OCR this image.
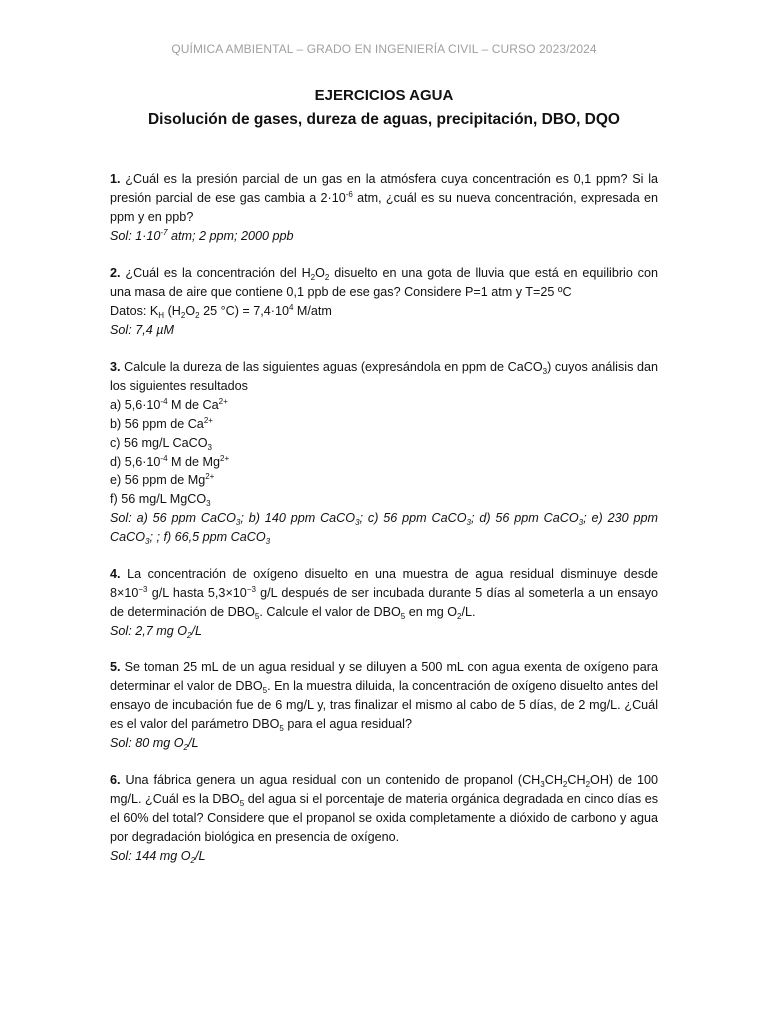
QUÍMICA AMBIENTAL – GRADO EN INGENIERÍA CIVIL – CURSO 2023/2024
EJERCICIOS AGUA
Disolución de gases, dureza de aguas, precipitación, DBO, DQO

1. ¿Cuál es la presión parcial de un gas en la atmósfera cuya concentración es 0,1 ppm? Si la presión parcial de ese gas cambia a $2\cdot 10^{-6}$ atm, ¿cuál es su nueva concentración, expresada en ppm y en ppb?

Sol: $1\cdot 10^{-7}$ atm; 2 ppm; 2000 ppb

2. ¿Cuál es la concentración del $H_2O_2$ disuelto en una gota de lluvia que está en equilibrio con una masa de aire que contiene 0,1 ppb de ese gas? Considere P=1 atm y T=25 ºC

Datos: $K_H$ ($H_2O_2$ 25 $^\circ C) = 7,4\cdot 10^4$ M/atm

Sol: 7,4 µM

3. Calcule la dureza de las siguientes aguas (expresándola en ppm de CaCO$_3$) cuyos análisis dan los siguientes resultados

a) $5,6\cdot 10^{-4}$ M de $Ca^{2+}$

b) 56 ppm de $Ca^{2+}$

c) 56 mg/L CaCO$_3$

d) $5,6\cdot 10^{-4}$ M de $Mg^{2+}$

e) 56 ppm de $Mg^{2+}$

f) 56 mg/L MgCO$_3$

Sol: a) 56 ppm CaCO$_3$; b) 140 ppm CaCO$_3$; c) 56 ppm CaCO$_3$; d) 56 ppm CaCO$_3$; e) 230 ppm CaCO$_3$; ; f) 66,5 ppm CaCO$_3$

4. La concentración de oxígeno disuelto en una muestra de agua residual disminuye desde $8\times 10^{-3}$ g/L hasta $5,3\times 10^{-3}$ g/L después de ser incubada durante 5 días al someterla a un ensayo de determinación de $DBO_5$. Calcule el valor de $DBO_5$ en mg $O_2/L$.

Sol: 2,7 mg $O_2/L$

5. Se toman 25 mL de un agua residual y se diluyen a 500 mL con agua exenta de oxígeno para determinar el valor de $DBO_5$. En la muestra diluida, la concentración de oxígeno disuelto antes del ensayo de incubación fue de 6 mg/L y, tras finalizar el mismo al cabo de 5 días, de 2 mg/L. ¿Cuál es el valor del parámetro $DBO_5$ para el agua residual?

Sol: 80 mg $O_2/L$

6. Una fábrica genera un agua residual con un contenido de propanol $(CH_3CH_2CH_2OH)$ de 100 mg/L. ¿Cuál es la $DBO_5$ del agua si el porcentaje de materia orgánica degradada en cinco días es el 60% del total? Considere que el propanol se oxida completamente a dióxido de carbono y agua por degradación biológica en presencia de oxígeno.

Sol: 144 mg $O_2/L$
